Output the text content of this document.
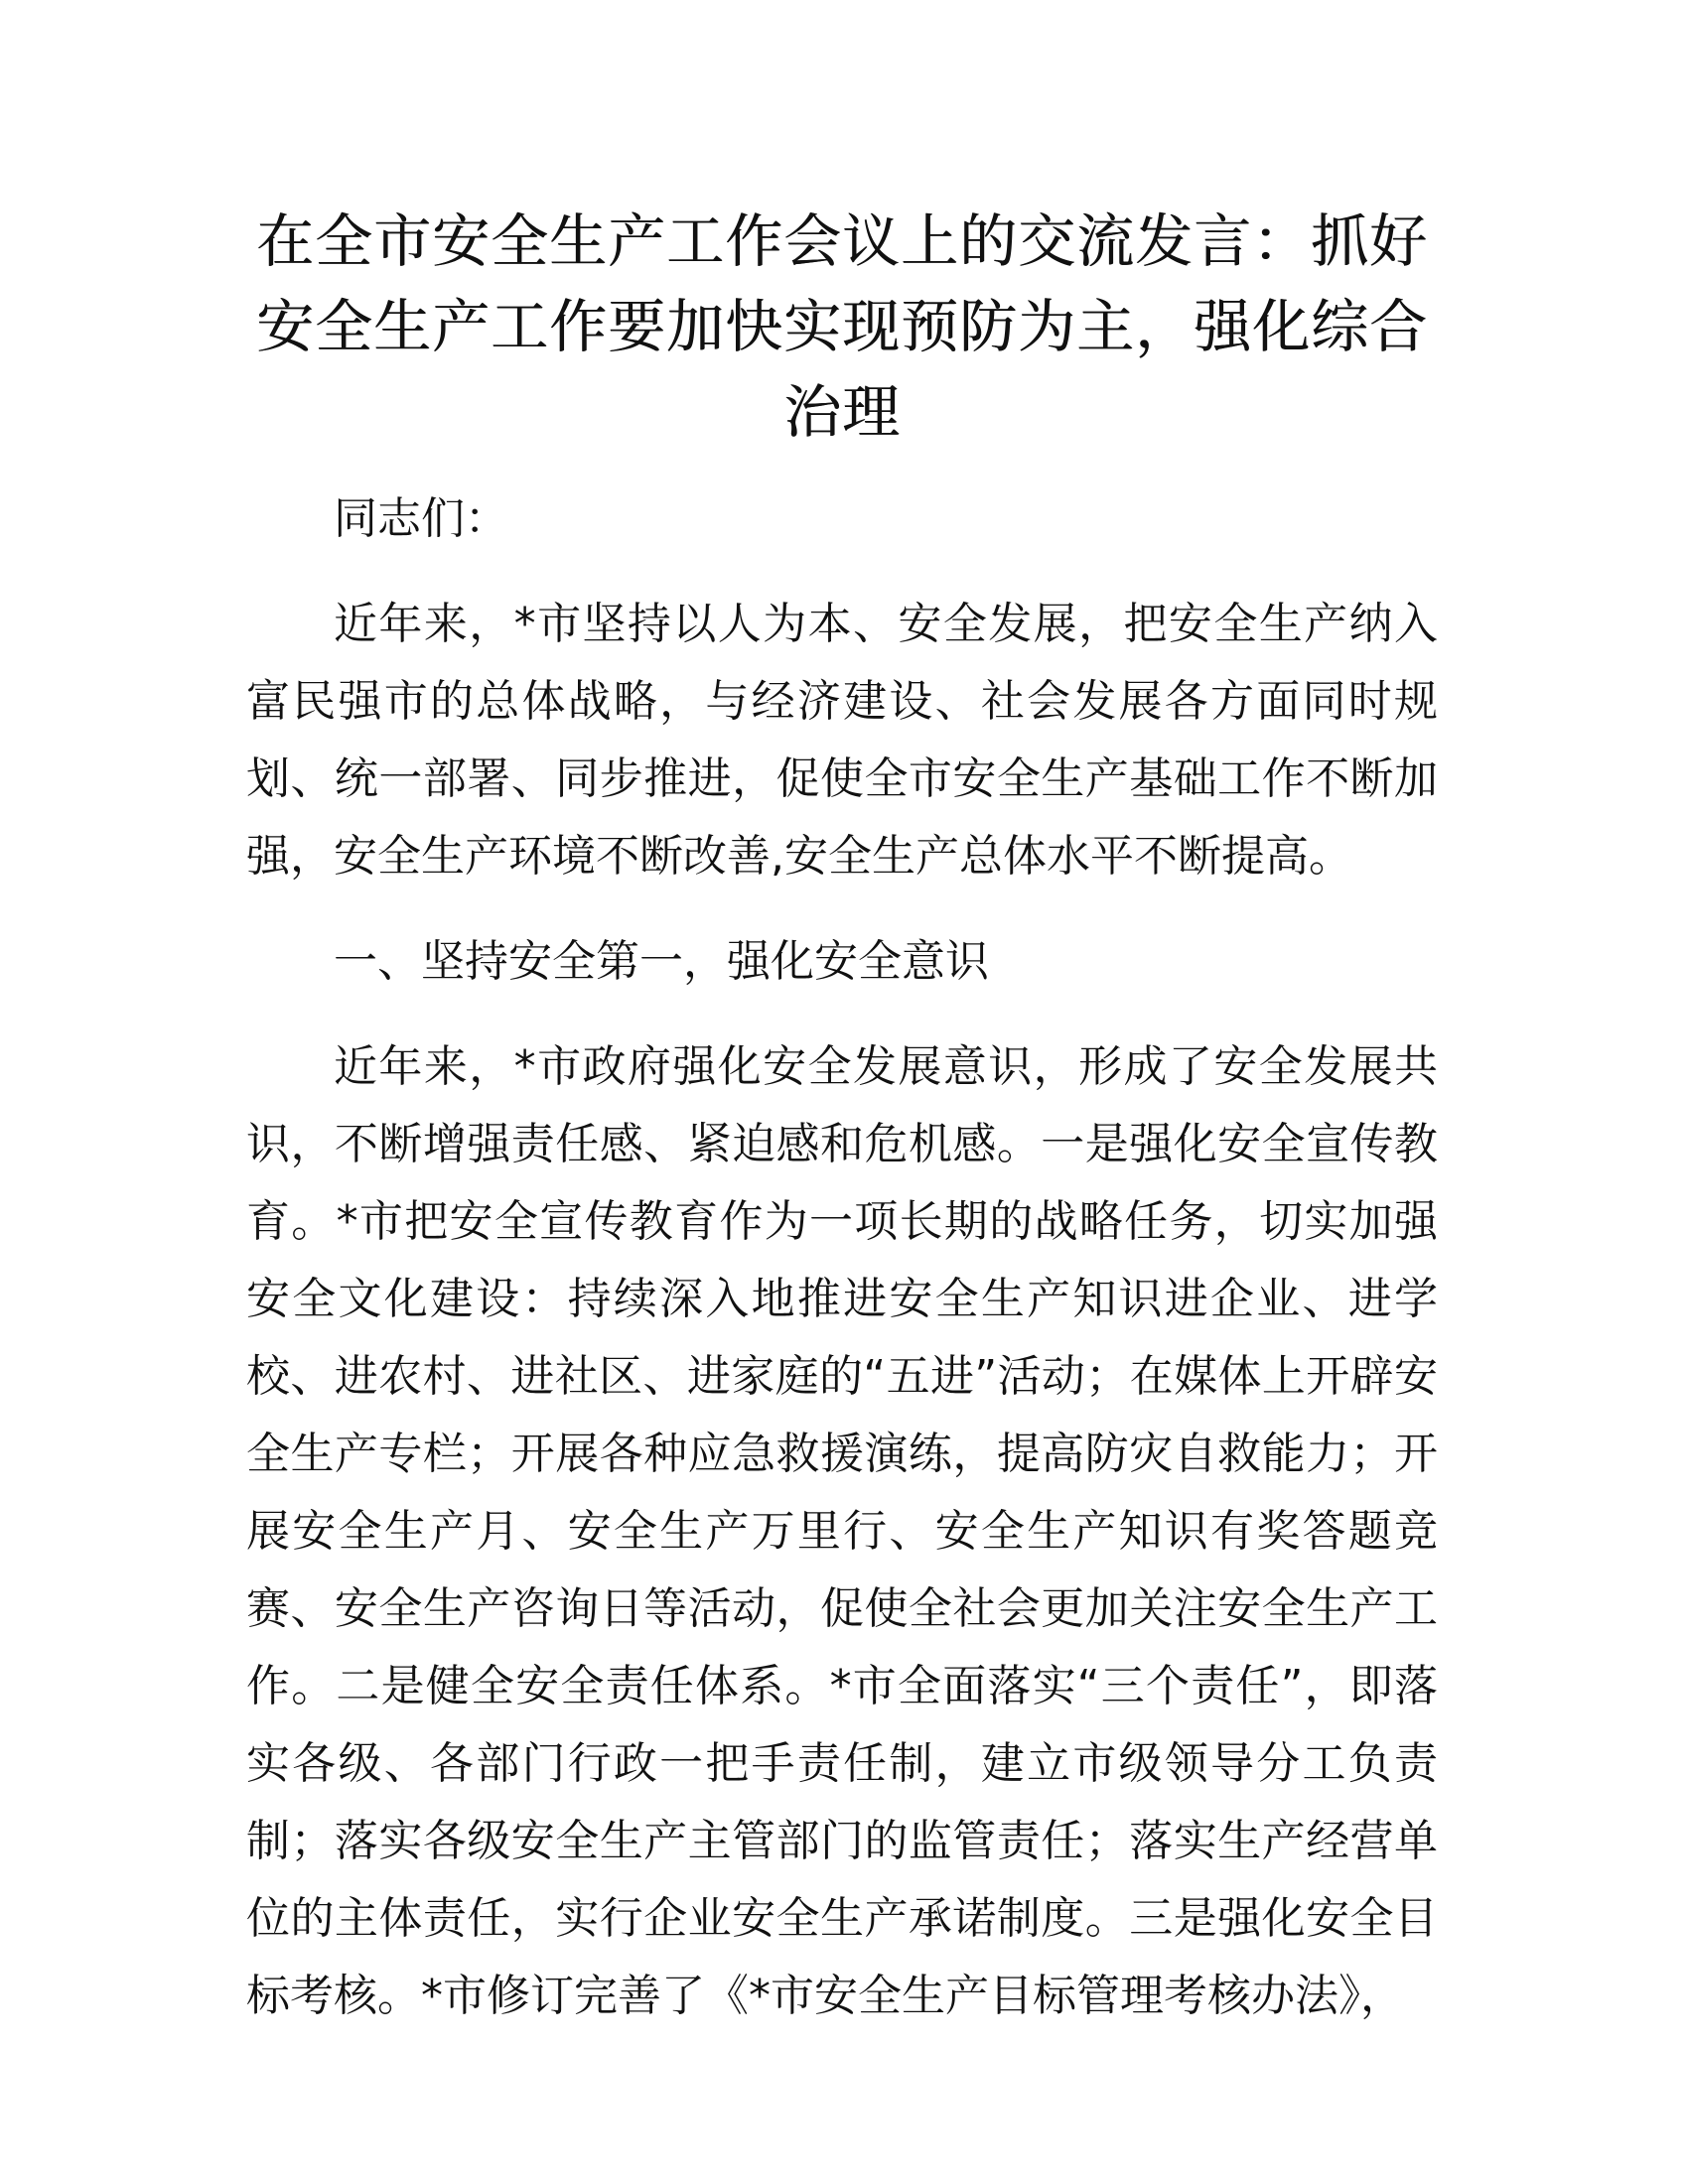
在全市安全生产工作会议上的交流发言：抓好安全生产工作要加快实现预防为主，强化综合治理

同志们：

近年来，*市坚持以人为本、安全发展，把安全生产纳入富民强市的总体战略，与经济建设、社会发展各方面同时规划、统一部署、同步推进，促使全市安全生产基础工作不断加强，安全生产环境不断改善,安全生产总体水平不断提高。

一、坚持安全第一，强化安全意识

近年来，*市政府强化安全发展意识，形成了安全发展共识，不断增强责任感、紧迫感和危机感。一是强化安全宣传教育。*市把安全宣传教育作为一项长期的战略任务，切实加强安全文化建设：持续深入地推进安全生产知识进企业、进学校、进农村、进社区、进家庭的“五进”活动；在媒体上开辟安全生产专栏；开展各种应急救援演练，提高防灾自救能力；开展安全生产月、安全生产万里行、安全生产知识有奖答题竞赛、安全生产咨询日等活动，促使全社会更加关注安全生产工作。二是健全安全责任体系。*市全面落实“三个责任”，即落实各级、各部门行政一把手责任制，建立市级领导分工负责制；落实各级安全生产主管部门的监管责任；落实生产经营单位的主体责任，实行企业安全生产承诺制度。三是强化安全目标考核。*市修订完善了《*市安全生产目标管理考核办法》，
